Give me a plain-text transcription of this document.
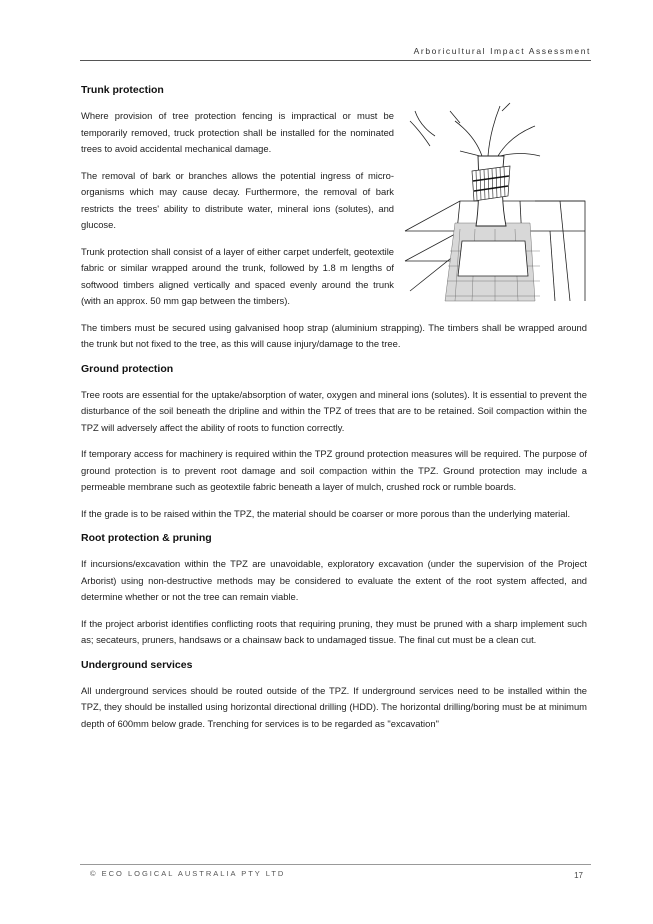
Arboricultural Impact Assessment
Trunk protection

Where provision of tree protection fencing is impractical or must be temporarily removed, truck protection shall be installed for the nominated trees to avoid accidental mechanical damage.

The removal of bark or branches allows the potential ingress of micro-organisms which may cause decay. Furthermore, the removal of bark restricts the trees' ability to distribute water, mineral ions (solutes), and glucose.

Trunk protection shall consist of a layer of either carpet underfelt, geotextile fabric or similar wrapped around the trunk, followed by 1.8 m lengths of softwood timbers aligned vertically and spaced evenly around the trunk (with an approx. 50 mm gap between the timbers).

The timbers must be secured using galvanised hoop strap (aluminium strapping). The timbers shall be wrapped around the trunk but not fixed to the tree, as this will cause injury/damage to the tree.

Ground protection

Tree roots are essential for the uptake/absorption of water, oxygen and mineral ions (solutes). It is essential to prevent the disturbance of the soil beneath the dripline and within the TPZ of trees that are to be retained. Soil compaction within the TPZ will adversely affect the ability of roots to function correctly.

If temporary access for machinery is required within the TPZ ground protection measures will be required. The purpose of ground protection is to prevent root damage and soil compaction within the TPZ. Ground protection may include a permeable membrane such as geotextile fabric beneath a layer of mulch, crushed rock or rumble boards.

If the grade is to be raised within the TPZ, the material should be coarser or more porous than the underlying material.

Root protection & pruning

If incursions/excavation within the TPZ are unavoidable, exploratory excavation (under the supervision of the Project Arborist) using non-destructive methods may be considered to evaluate the extent of the root system affected, and determine whether or not the tree can remain viable.

If the project arborist identifies conflicting roots that requiring pruning, they must be pruned with a sharp implement such as; secateurs, pruners, handsaws or a chainsaw back to undamaged tissue. The final cut must be a clean cut.

Underground services

All underground services should be routed outside of the TPZ. If underground services need to be installed within the TPZ, they should be installed using horizontal directional drilling (HDD). The horizontal drilling/boring must be at minimum depth of 600mm below grade. Trenching for services is to be regarded as "excavation"

© ECO LOGICAL AUSTRALIA PTY LTD	17
